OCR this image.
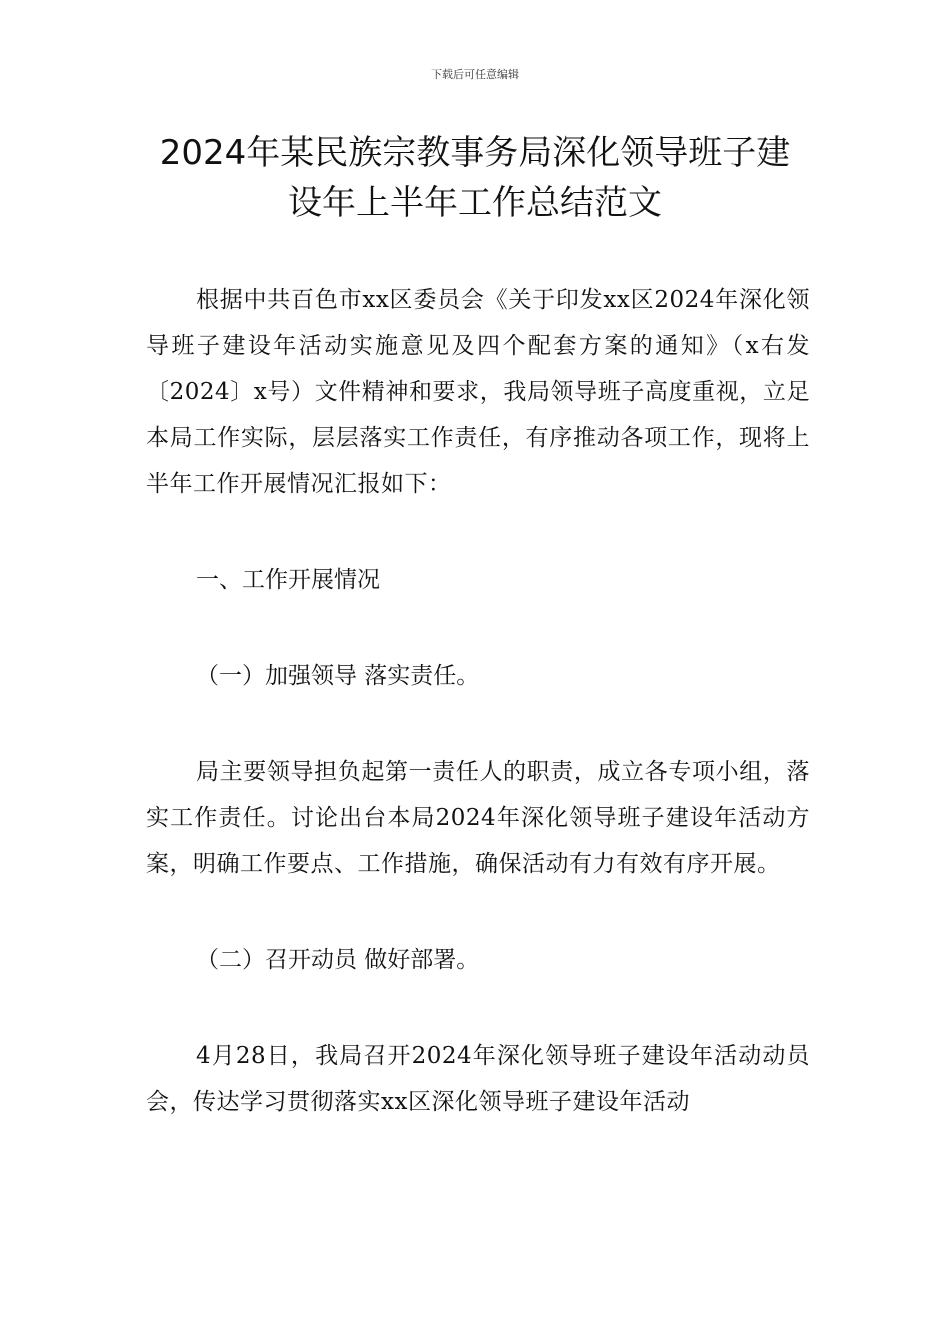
下载后可任意编辑
2024年某民族宗教事务局深化领导班子建
设年上半年工作总结范文

根据中共百色市xx区委员会《关于印发xx区2024年深化领导班子建设年活动实施意见及四个配套方案的通知》（x右发〔2024〕x号）文件精神和要求，我局领导班子高度重视，立足本局工作实际，层层落实工作责任，有序推动各项工作，现将上半年工作开展情况汇报如下：

一、工作开展情况

（一）加强领导 落实责任。

局主要领导担负起第一责任人的职责，成立各专项小组，落实工作责任。讨论出台本局2024年深化领导班子建设年活动方案，明确工作要点、工作措施，确保活动有力有效有序开展。

（二）召开动员 做好部署。

4月28日，我局召开2024年深化领导班子建设年活动动员会，传达学习贯彻落实xx区深化领导班子建设年活动
